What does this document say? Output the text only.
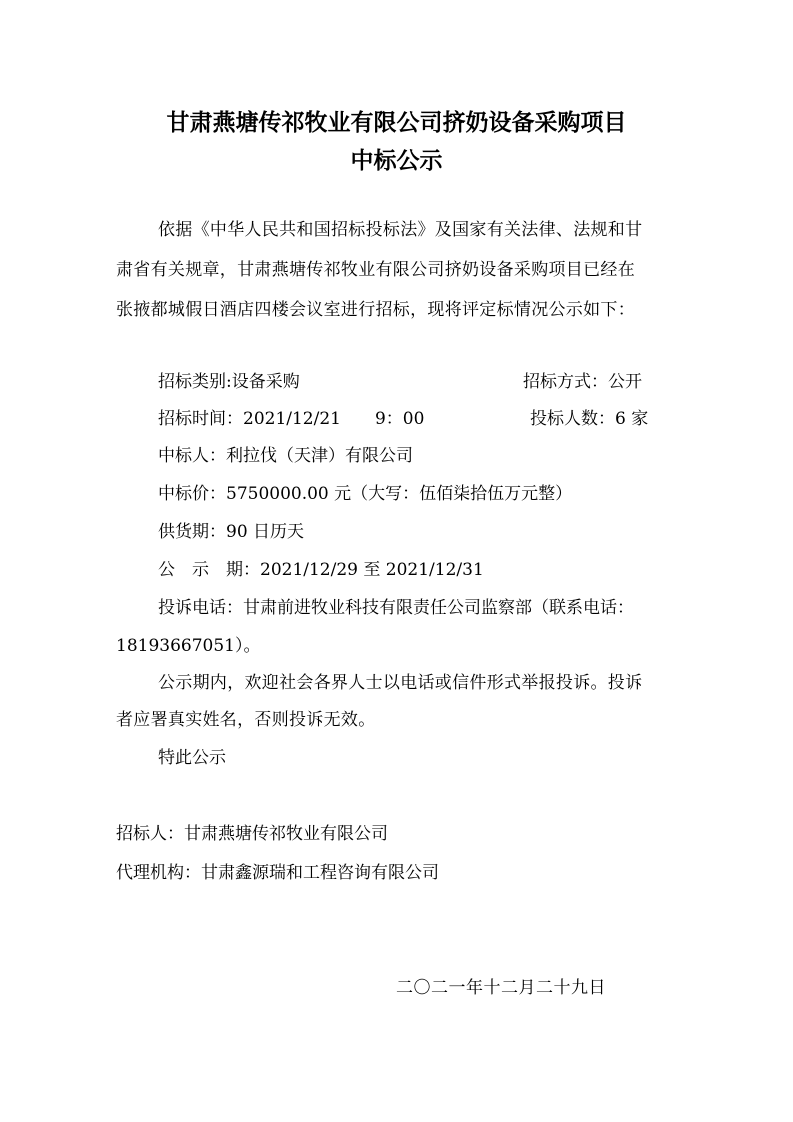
甘肃燕塘传祁牧业有限公司挤奶设备采购项目
中标公示
依据《中华人民共和国招标投标法》及国家有关法律、法规和甘
肃省有关规章，甘肃燕塘传祁牧业有限公司挤奶设备采购项目已经在
张掖都城假日酒店四楼会议室进行招标，现将评定标情况公示如下：
招标类别:设备采购	招标方式：公开
招标时间：2021/12/21　　9：00	投标人数：6 家
中标人：利拉伐（天津）有限公司
中标价：5750000.00 元（大写：伍佰柒拾伍万元整）
供货期：90 日历天
公　示　期：2021/12/29 至 2021/12/31
投诉电话：甘肃前进牧业科技有限责任公司监察部（联系电话：
18193667051）。
公示期内，欢迎社会各界人士以电话或信件形式举报投诉。投诉
者应署真实姓名，否则投诉无效。
特此公示
招标人：甘肃燕塘传祁牧业有限公司
代理机构：甘肃鑫源瑞和工程咨询有限公司
二〇二一年十二月二十九日
